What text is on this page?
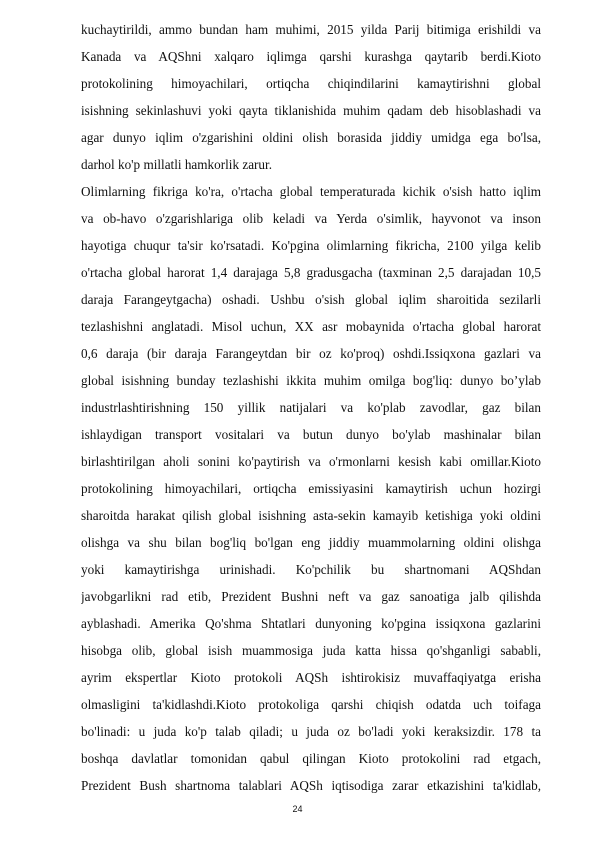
kuchaytirildi, ammo bundan ham muhimi, 2015 yilda Parij bitimiga erishildi va
Kanada va AQShni xalqaro iqlimga qarshi kurashga qaytarib berdi.Kioto
protokolining himoyachilari, ortiqcha chiqindilarini kamaytirishni global
isishning sekinlashuvi yoki qayta tiklanishida muhim qadam deb hisoblashadi va
agar dunyo iqlim o'zgarishini oldini olish borasida jiddiy umidga ega bo'lsa,
darhol ko'p millatli hamkorlik zarur.
Olimlarning fikriga ko'ra, o'rtacha global temperaturada kichik o'sish hatto iqlim
va ob-havo o'zgarishlariga olib keladi va Yerda o'simlik, hayvonot va inson
hayotiga chuqur ta'sir ko'rsatadi. Ko'pgina olimlarning fikricha, 2100 yilga kelib
o'rtacha global harorat 1,4 darajaga 5,8 gradusgacha (taxminan 2,5 darajadan 10,5
daraja Farangeytgacha) oshadi. Ushbu o'sish global iqlim sharoitida sezilarli
tezlashishni anglatadi. Misol uchun, XX asr mobaynida o'rtacha global harorat
0,6 daraja (bir daraja Farangeytdan bir oz ko'proq) oshdi.Issiqxona gazlari va
global isishning bunday tezlashishi ikkita muhim omilga bog'liq: dunyo bo’ylab
industrlashtirishning 150 yillik natijalari va ko'plab zavodlar, gaz bilan
ishlaydigan transport vositalari va butun dunyo bo'ylab mashinalar bilan
birlashtirilgan aholi sonini ko'paytirish va o'rmonlarni kesish kabi omillar.Kioto
protokolining himoyachilari, ortiqcha emissiyasini kamaytirish uchun hozirgi
sharoitda harakat qilish global isishning asta-sekin kamayib ketishiga yoki oldini
olishga va shu bilan bog'liq bo'lgan eng jiddiy muammolarning oldini olishga
yoki kamaytirishga urinishadi. Ko'pchilik bu shartnomani AQShdan
javobgarlikni rad etib, Prezident Bushni neft va gaz sanoatiga jalb qilishda
ayblashadi. Amerika Qo'shma Shtatlari dunyoning ko'pgina issiqxona gazlarini
hisobga olib, global isish muammosiga juda katta hissa qo'shganligi sababli,
ayrim ekspertlar Kioto protokoli AQSh ishtirokisiz muvaffaqiyatga erisha
olmasligini ta'kidlashdi.Kioto protokoliga qarshi chiqish odatda uch toifaga
bo'linadi: u juda ko'p talab qiladi; u juda oz bo'ladi yoki keraksizdir. 178 ta
boshqa davlatlar tomonidan qabul qilingan Kioto protokolini rad etgach,
Prezident Bush shartnoma talablari AQSh iqtisodiga zarar etkazishini ta'kidlab,
24
